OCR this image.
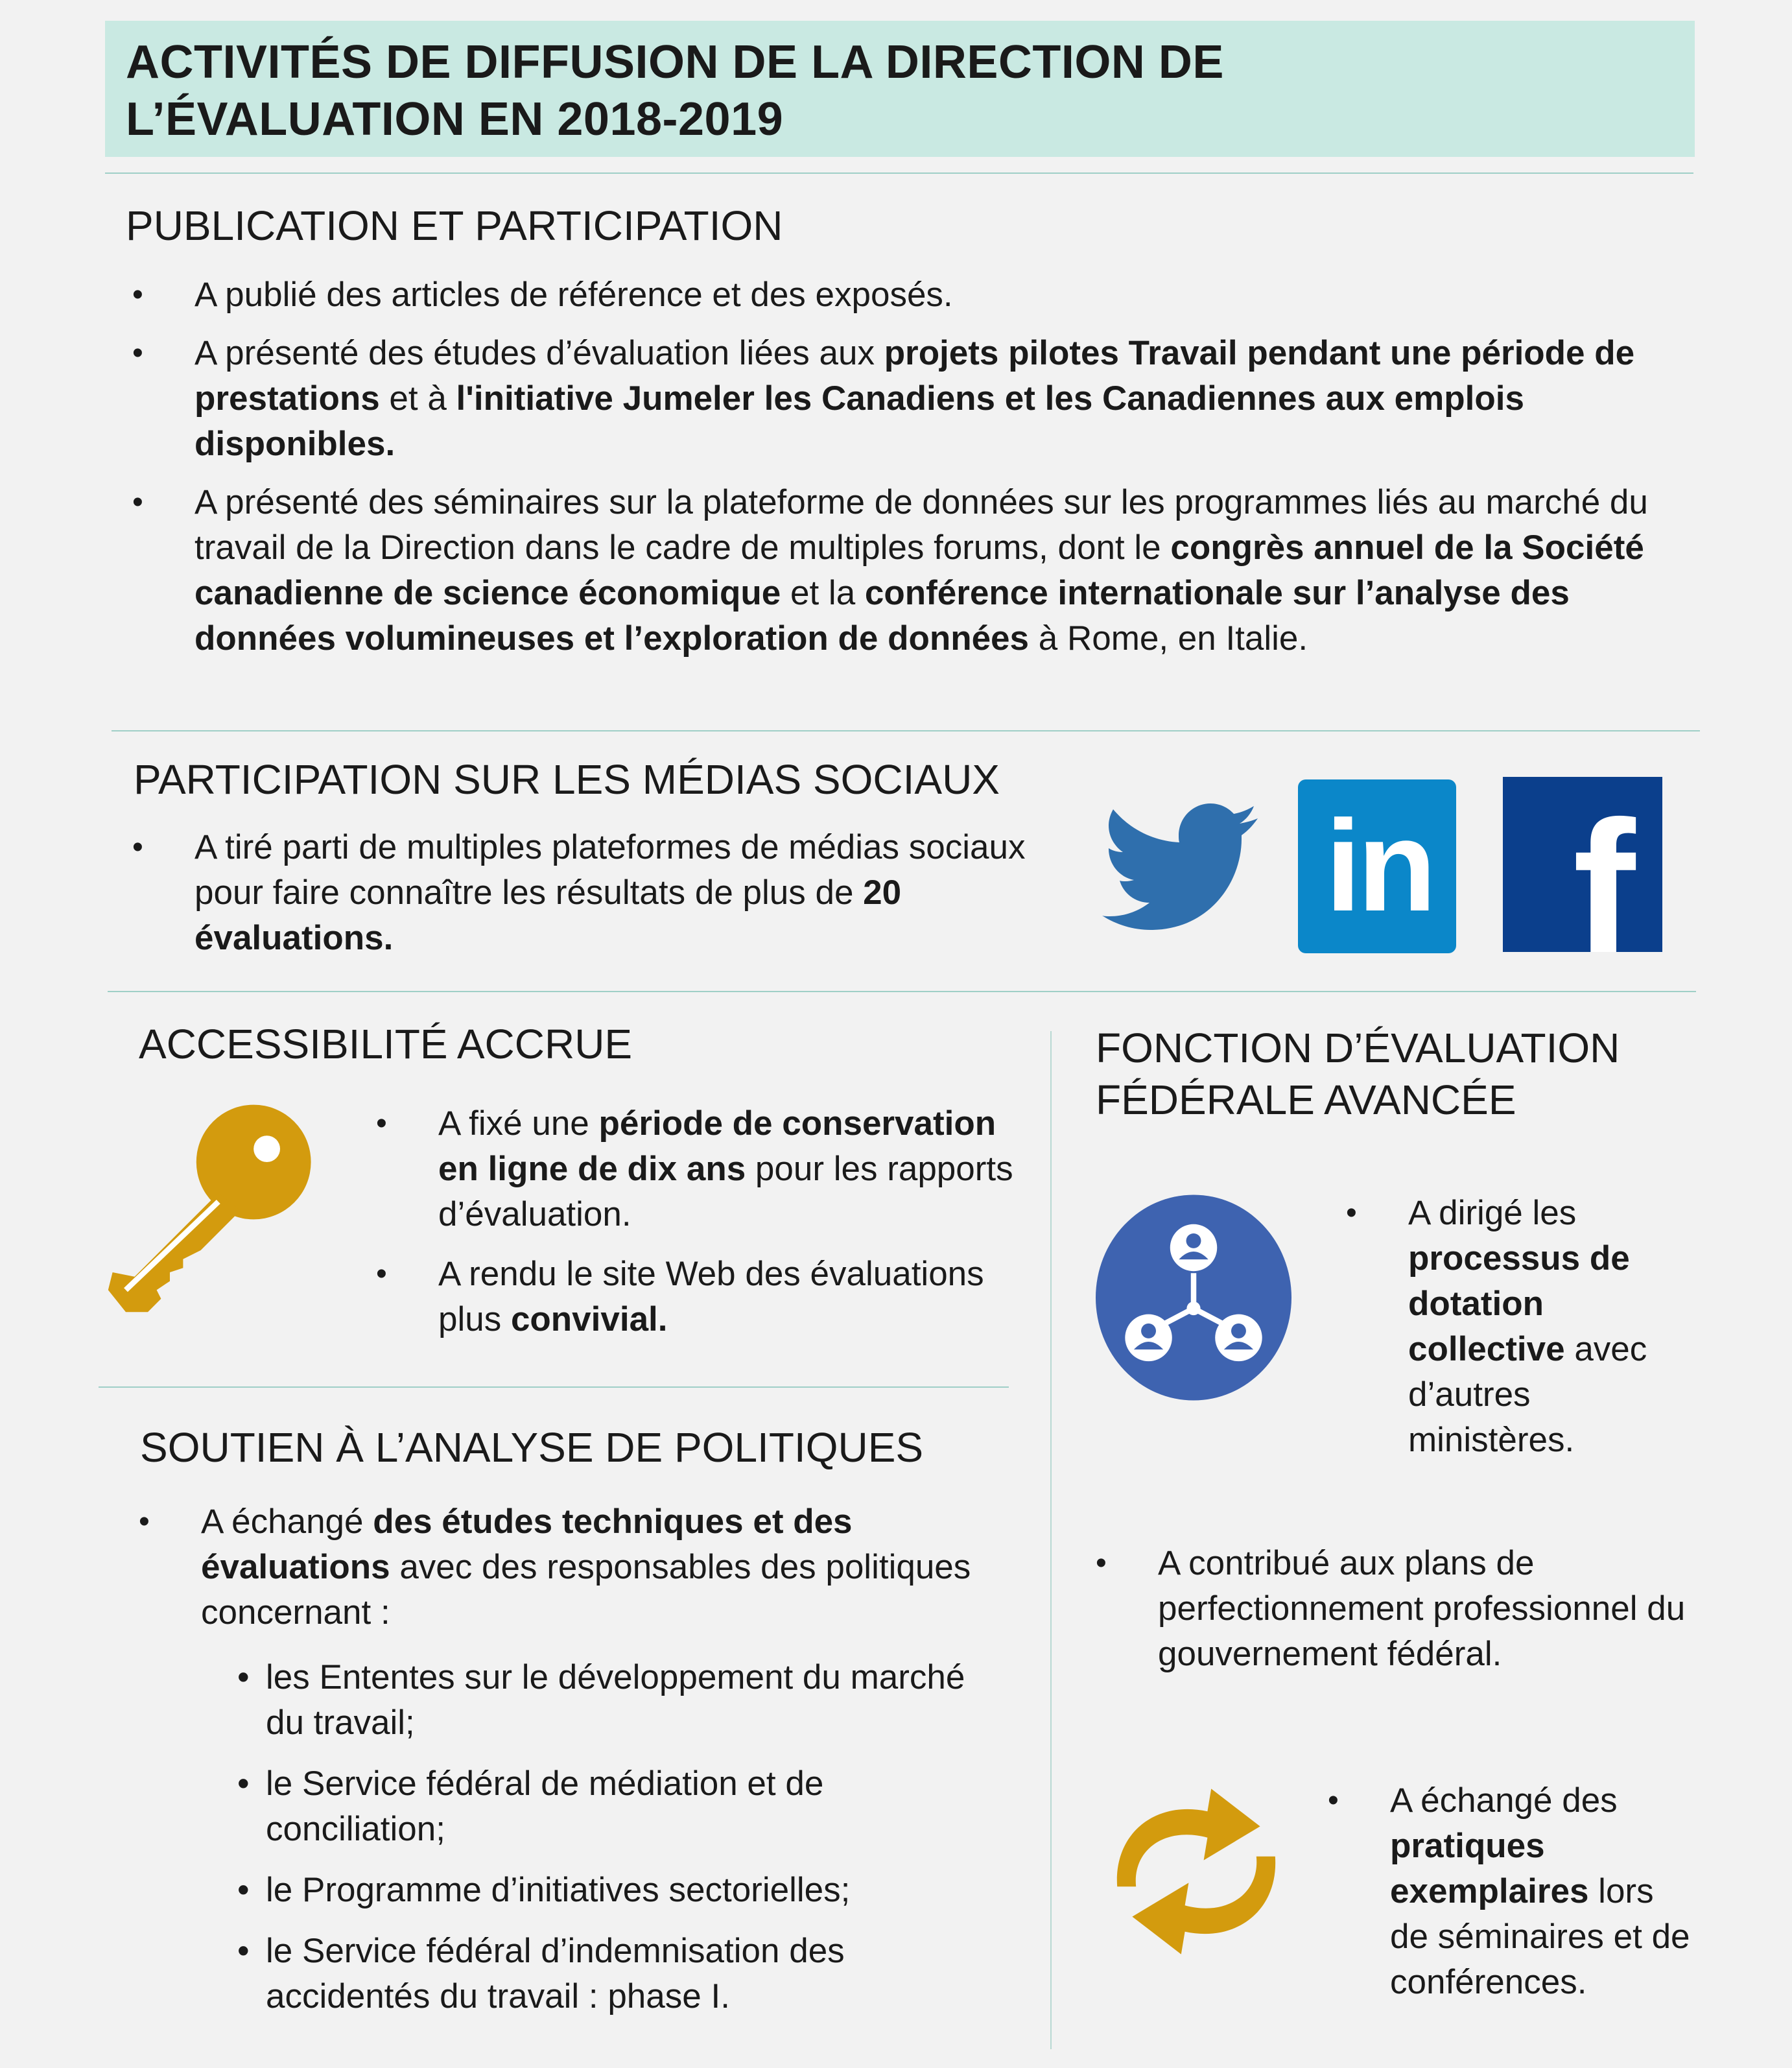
ACTIVITÉS DE DIFFUSION DE LA DIRECTION DE
L’ÉVALUATION EN 2018-2019
PUBLICATION ET PARTICIPATION
• A publié des articles de référence et des exposés.
• A présenté des études d’évaluation liées aux projets pilotes Travail pendant une période de prestations et à l'initiative Jumeler les Canadiens et les Canadiennes aux emplois disponibles.
• A présenté des séminaires sur la plateforme de données sur les programmes liés au marché du travail de la Direction dans le cadre de multiples forums, dont le congrès annuel de la Société canadienne de science économique et la conférence internationale sur l’analyse des données volumineuses et l’exploration de données à Rome, en Italie.
PARTICIPATION SUR LES MÉDIAS SOCIAUX
• A tiré parti de multiples plateformes de médias sociaux pour faire connaître les résultats de plus de 20 évaluations.	in f
ACCESSIBILITÉ ACCRUE
• A fixé une période de conservation en ligne de dix ans pour les rapports d’évaluation.
• A rendu le site Web des évaluations plus convivial.
SOUTIEN À L’ANALYSE DE POLITIQUES
• A échangé des études techniques et des évaluations avec des responsables des politiques concernant :
• les Ententes sur le développement du marché du travail;
• le Service fédéral de médiation et de conciliation;
• le Programme d’initiatives sectorielles;
• le Service fédéral d’indemnisation des accidentés du travail : phase I.
FONCTION D’ÉVALUATION
FÉDÉRALE AVANCÉE
• A dirigé les processus de dotation collective avec d’autres ministères.
• A contribué aux plans de perfectionnement professionnel du gouvernement fédéral.
• A échangé des pratiques exemplaires lors de séminaires et de conférences.
